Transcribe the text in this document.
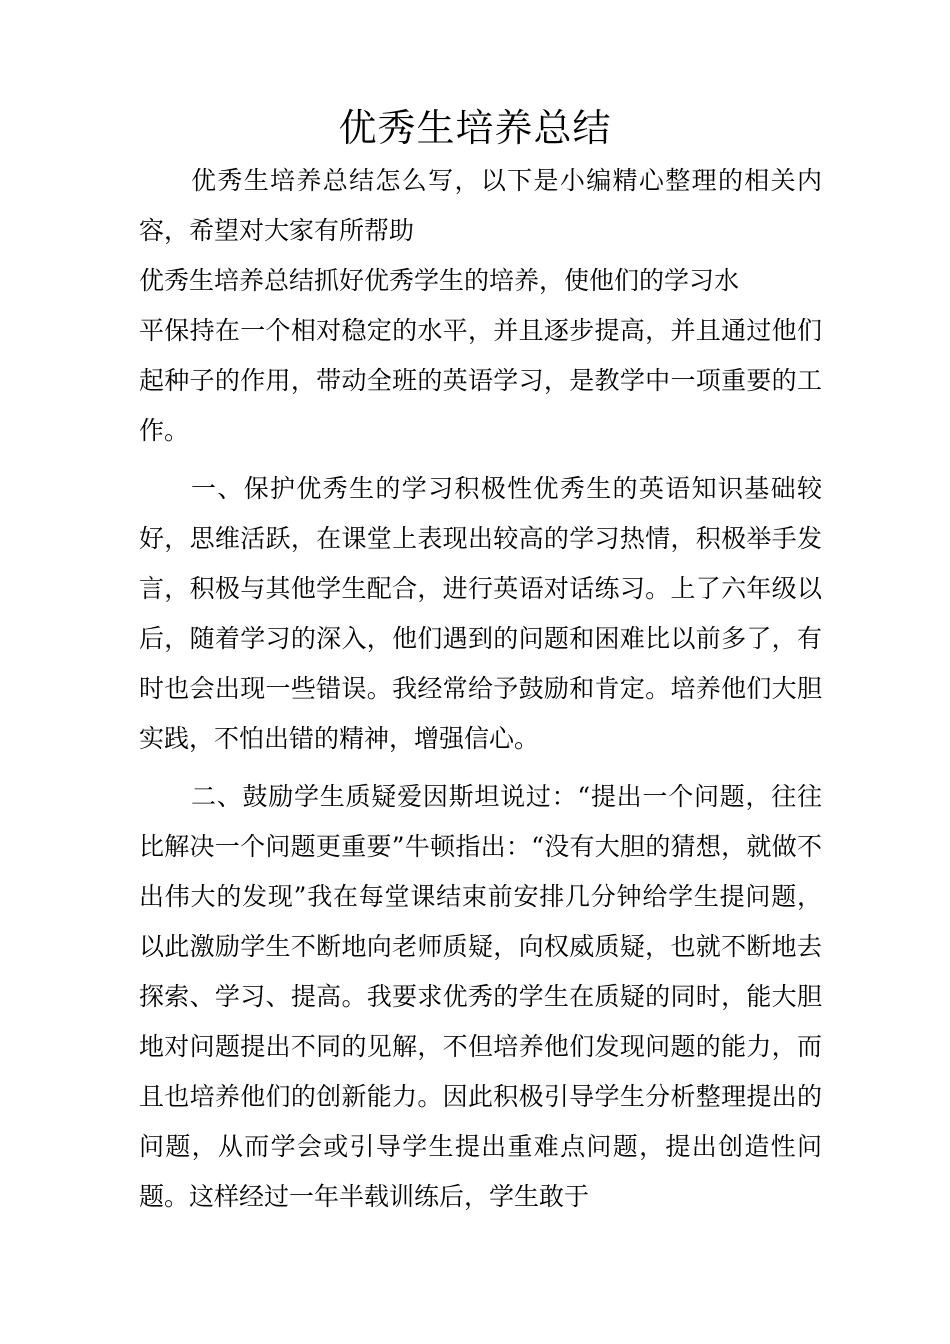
优秀生培养总结

优秀生培养总结怎么写，以下是小编精心整理的相关内容，希望对大家有所帮助

优秀生培养总结抓好优秀学生的培养，使他们的学习水

平保持在一个相对稳定的水平，并且逐步提高，并且通过他们起种子的作用，带动全班的英语学习，是教学中一项重要的工作。

一、保护优秀生的学习积极性优秀生的英语知识基础较好，思维活跃，在课堂上表现出较高的学习热情，积极举手发言，积极与其他学生配合，进行英语对话练习。上了六年级以后，随着学习的深入，他们遇到的问题和困难比以前多了，有时也会出现一些错误。我经常给予鼓励和肯定。培养他们大胆实践，不怕出错的精神，增强信心。

二、鼓励学生质疑爱因斯坦说过：“提出一个问题，往往比解决一个问题更重要”牛顿指出：“没有大胆的猜想，就做不出伟大的发现”我在每堂课结束前安排几分钟给学生提问题，以此激励学生不断地向老师质疑，向权威质疑，也就不断地去探索、学习、提高。我要求优秀的学生在质疑的同时，能大胆地对问题提出不同的见解，不但培养他们发现问题的能力，而且也培养他们的创新能力。因此积极引导学生分析整理提出的问题，从而学会或引导学生提出重难点问题，提出创造性问题。这样经过一年半载训练后，学生敢于
